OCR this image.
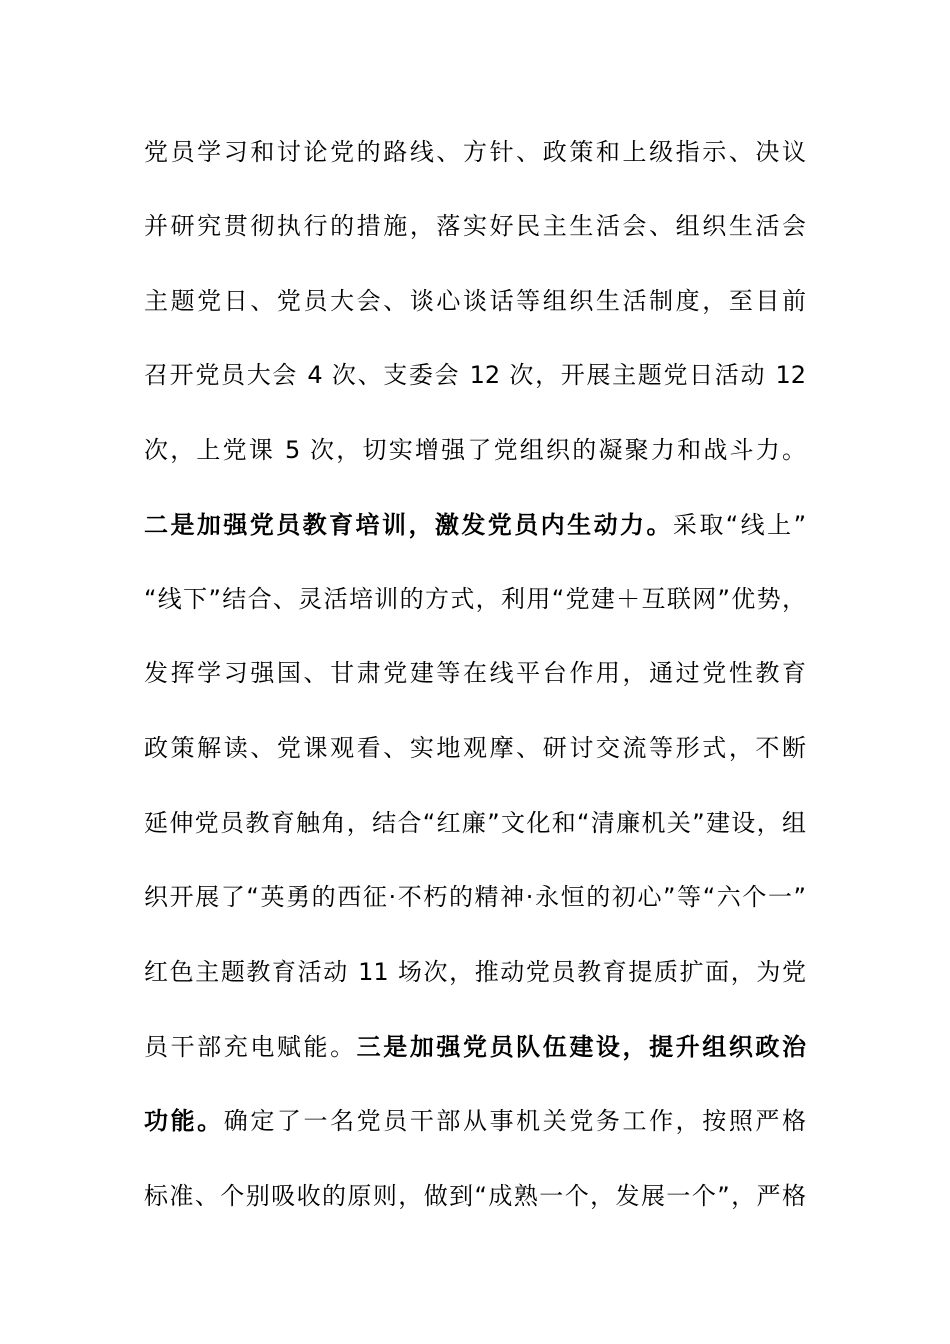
党员学习和讨论党的路线、方针、政策和上级指示、决议
并研究贯彻执行的措施，落实好民主生活会、组织生活会
主题党日、党员大会、谈心谈话等组织生活制度，至目前
召开党员大会 4 次、支委会 12 次，开展主题党日活动 12
次，上党课 5 次，切实增强了党组织的凝聚力和战斗力。
二是加强党员教育培训，激发党员内生动力。采取“线上”
“线下”结合、灵活培训的方式，利用“党建＋互联网”优势，
发挥学习强国、甘肃党建等在线平台作用，通过党性教育
政策解读、党课观看、实地观摩、研讨交流等形式，不断
延伸党员教育触角，结合“红廉”文化和“清廉机关”建设，组
织开展了“英勇的西征·不朽的精神·永恒的初心”等“六个一”
红色主题教育活动 11 场次，推动党员教育提质扩面，为党
员干部充电赋能。三是加强党员队伍建设，提升组织政治
功能。确定了一名党员干部从事机关党务工作，按照严格
标准、个别吸收的原则，做到“成熟一个，发展一个”，严格
